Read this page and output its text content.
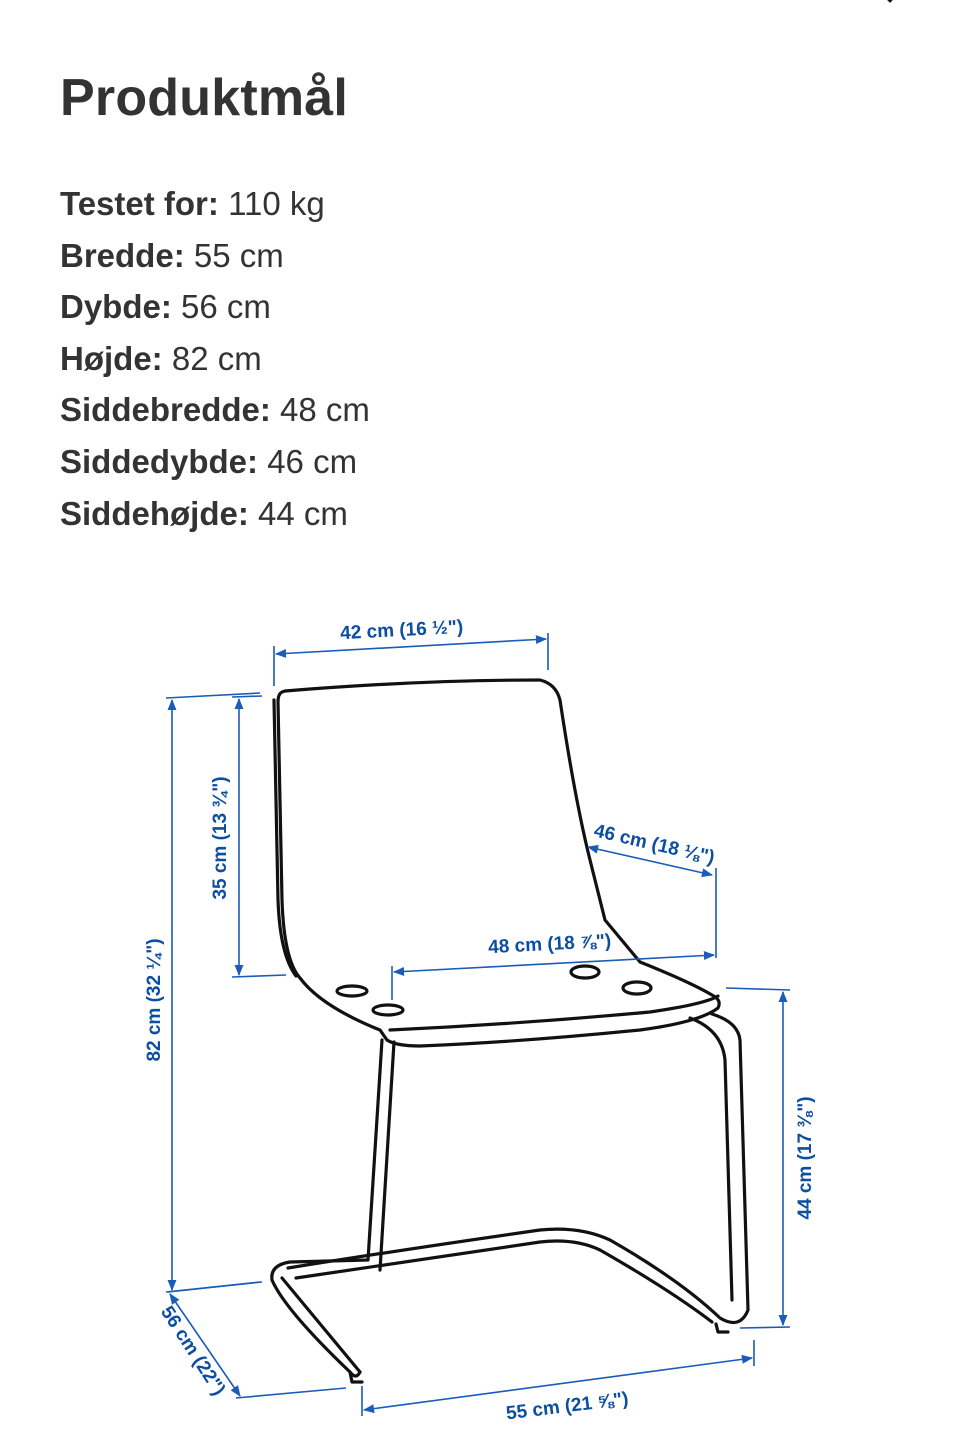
Produktmål
Testet for: 110 kg
Bredde: 55 cm
Dybde: 56 cm
Højde: 82 cm
Siddebredde: 48 cm
Siddedybde: 46 cm
Siddehøjde: 44 cm
42 cm (16 ½")
82 cm (32 ¼")
35 cm (13 ¾")	46 cm (18 ⅛")
48 cm (18 ⅞")
44 cm (17 ⅜")
56 cm (22")
55 cm (21 ⅝")
